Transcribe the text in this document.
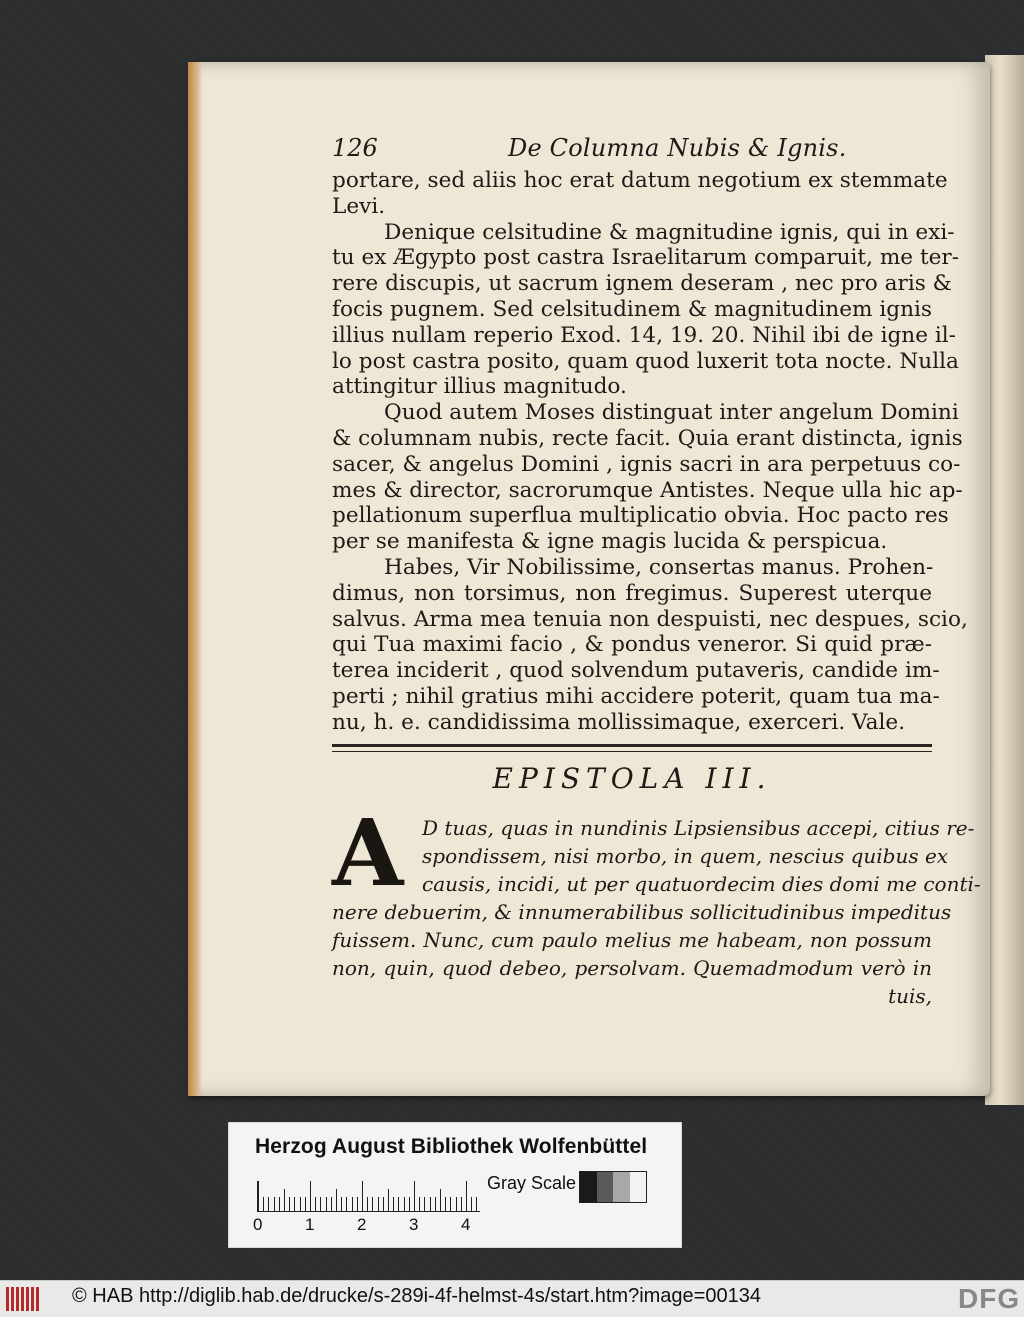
126	De Columna Nubis & Ignis.

portare, sed aliis hoc erat datum negotium ex stemmate
Levi.

Denique celsitudine & magnitudine ignis, qui in exi-
tu ex Ægypto post castra Israelitarum comparuit, me ter-
rere discupis, ut sacrum ignem deseram , nec pro aris &
focis pugnem. Sed celsitudinem & magnitudinem ignis
illius nullam reperio Exod. 14, 19. 20. Nihil ibi de igne il-
lo post castra posito, quam quod luxerit tota nocte. Nulla
attingitur illius magnitudo.

Quod autem Moses distinguat inter angelum Domini
& columnam nubis, recte facit. Quia erant distincta, ignis
sacer, & angelus Domini , ignis sacri in ara perpetuus co-
mes & director, sacrorumque Antistes. Neque ulla hic ap-
pellationum superflua multiplicatio obvia. Hoc pacto res
per se manifesta & igne magis lucida & perspicua.

Habes, Vir Nobilissime, consertas manus. Prohen-
dimus, non torsimus, non fregimus. Superest uterque
salvus. Arma mea tenuia non despuisti, nec despues, scio,
qui Tua maximi facio , & pondus veneror. Si quid præ-
terea inciderit , quod solvendum putaveris, candide im-
perti ; nihil gratius mihi accidere poterit, quam tua ma-
nu, h. e. candidissima mollissimaque, exerceri. Vale.

EPISTOLA III.
A D tuas, quas in nundinis Lipsiensibus accepi, citius re-
spondissem, nisi morbo, in quem, nescius quibus ex
causis, incidi, ut per quatuordecim dies domi me conti-
nere debuerim, & innumerabilibus sollicitudinibus impeditus
fuissem. Nunc, cum paulo melius me habeam, non possum
non, quin, quod debeo, persolvam. Quemadmodum verò in
tuis,
Herzog August Bibliothek Wolfenbüttel
0	1	2	3	4
Gray Scale
© HAB http://diglib.hab.de/drucke/s-289i-4f-helmst-4s/start.htm?image=00134	DFG
